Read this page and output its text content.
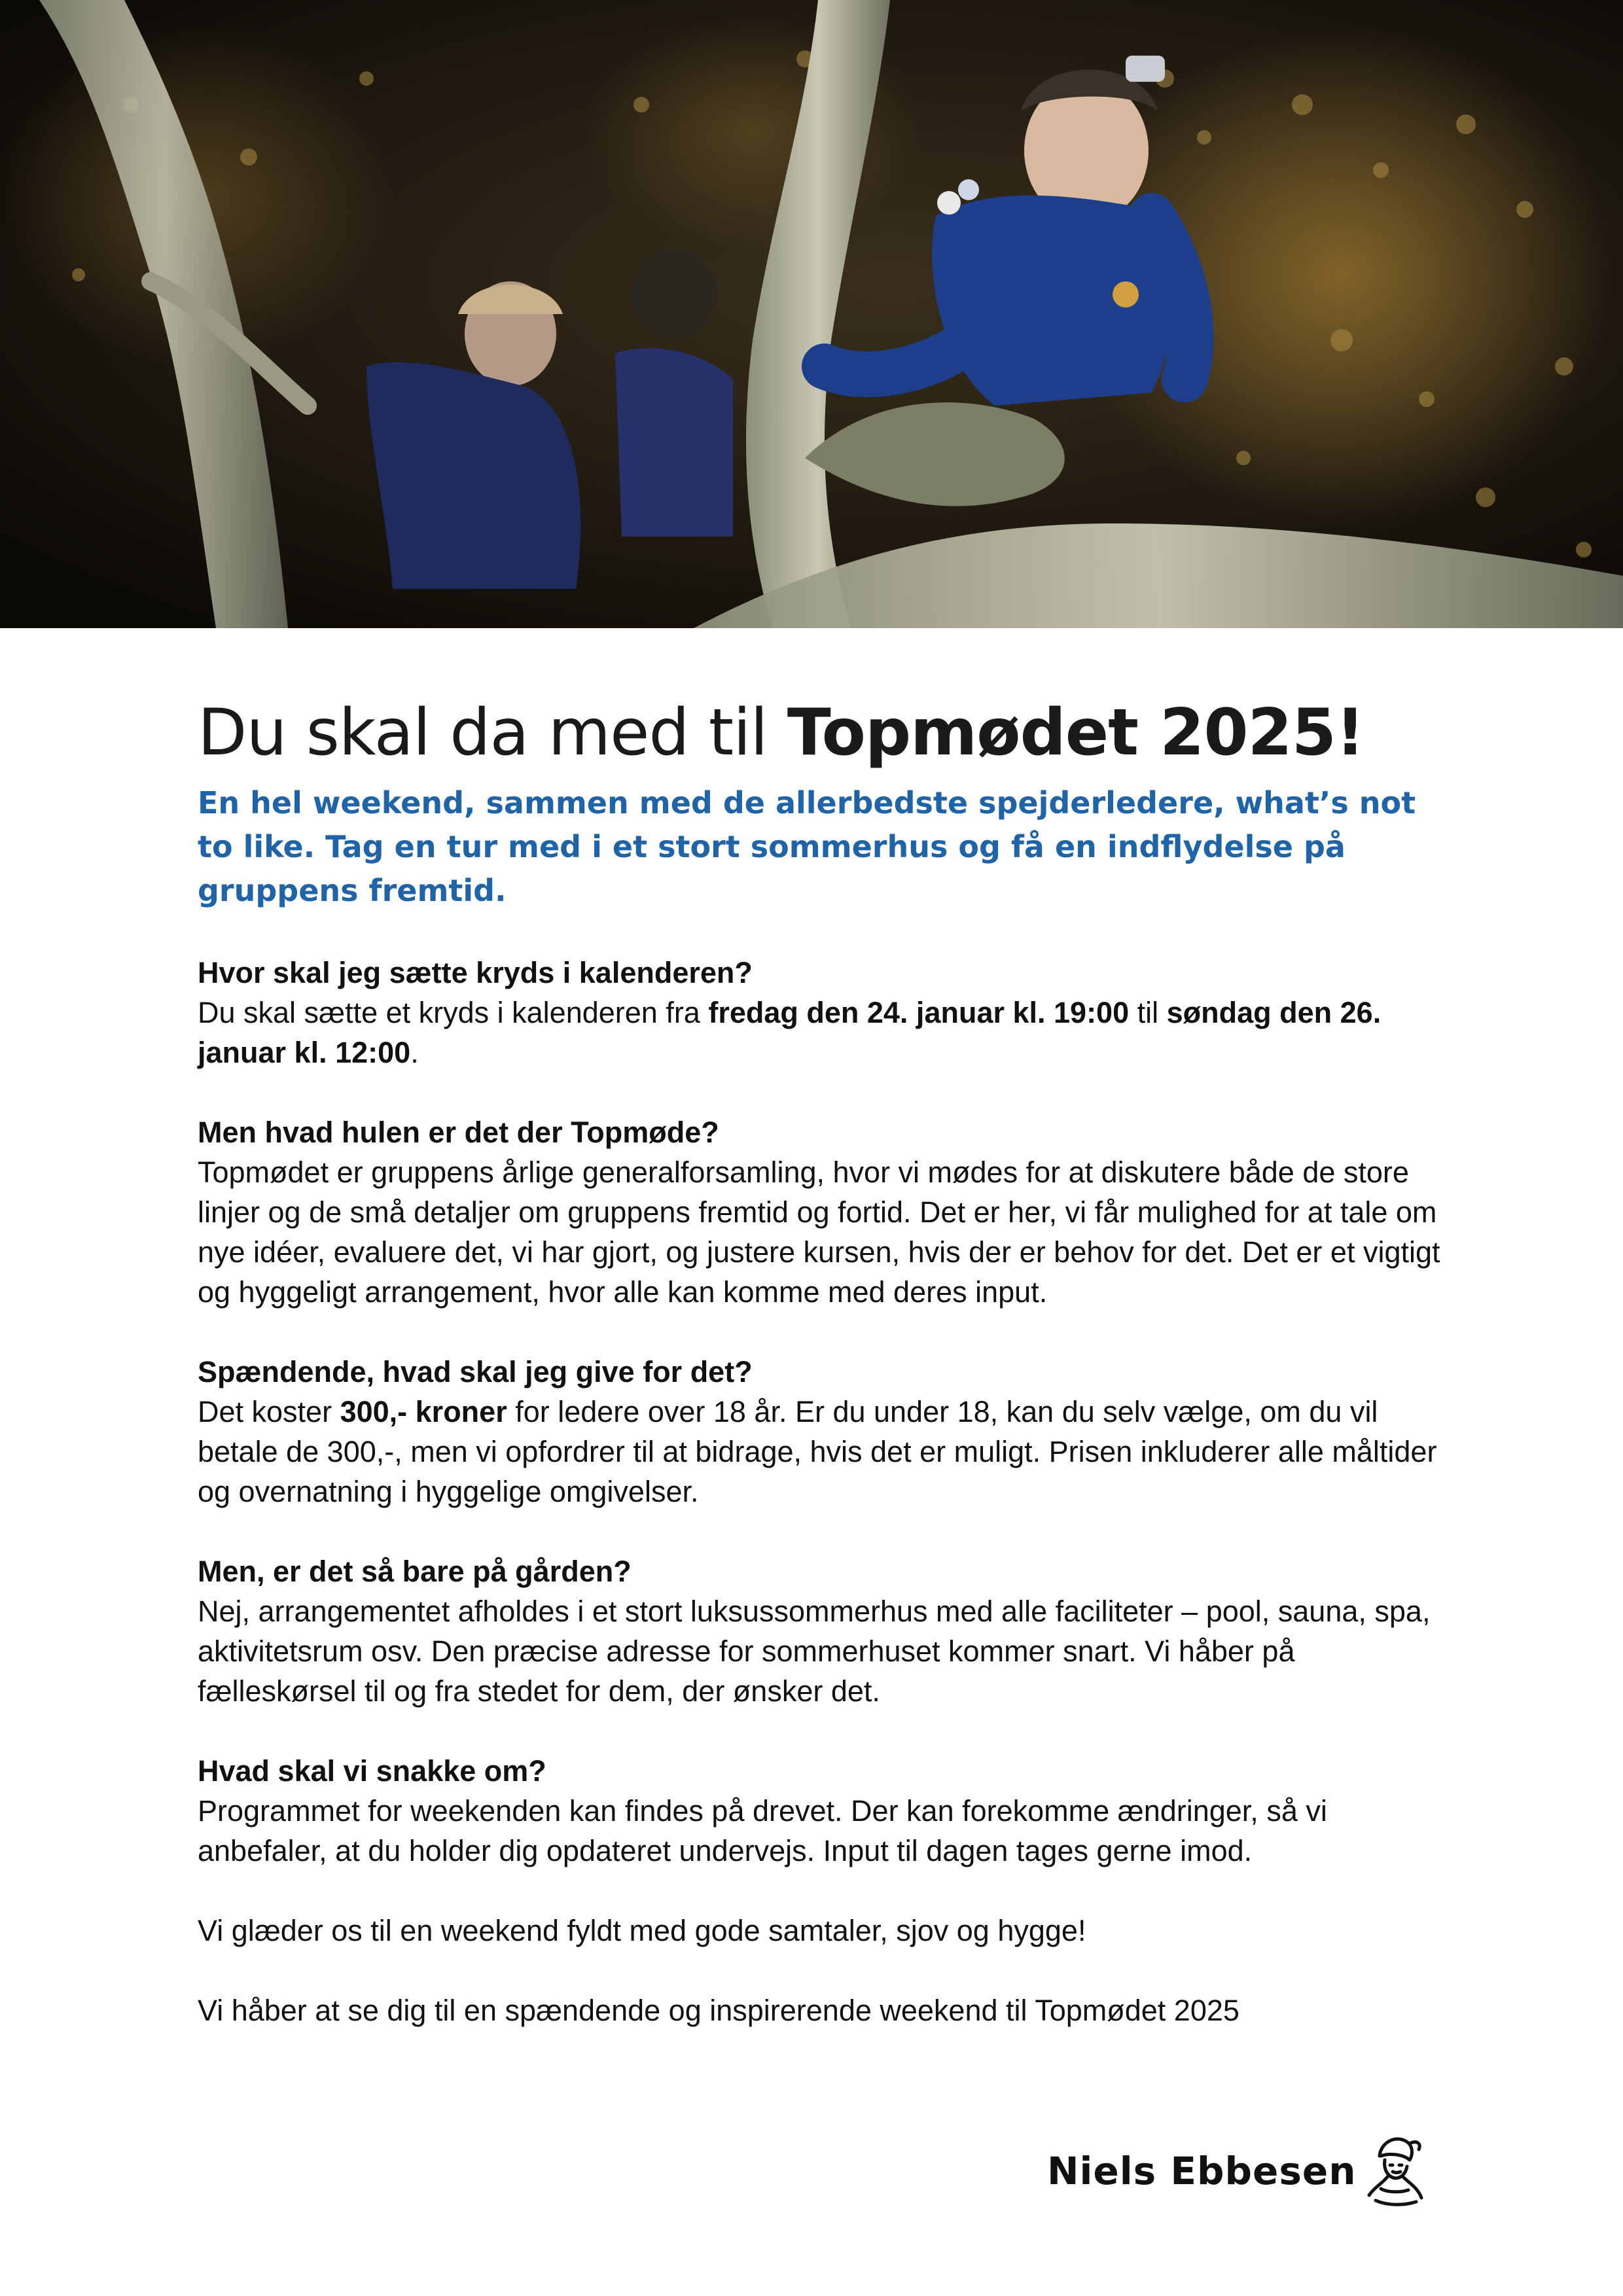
Du skal da med til Topmødet 2025!

En hel weekend, sammen med de allerbedste spejderledere, what’s not to like. Tag en tur med i et stort sommerhus og få en indflydelse på gruppens fremtid.

Hvor skal jeg sætte kryds i kalenderen?

Du skal sætte et kryds i kalenderen fra fredag den 24. januar kl. 19:00 til søndag den 26. januar kl. 12:00.

Men hvad hulen er det der Topmøde?

Topmødet er gruppens årlige generalforsamling, hvor vi mødes for at diskutere både de store linjer og de små detaljer om gruppens fremtid og fortid. Det er her, vi får mulighed for at tale om nye idéer, evaluere det, vi har gjort, og justere kursen, hvis der er behov for det. Det er et vigtigt og hyggeligt arrangement, hvor alle kan komme med deres input.

Spændende, hvad skal jeg give for det?

Det koster 300,- kroner for ledere over 18 år. Er du under 18, kan du selv vælge, om du vil betale de 300,-, men vi opfordrer til at bidrage, hvis det er muligt. Prisen inkluderer alle måltider og overnatning i hyggelige omgivelser.

Men, er det så bare på gården?

Nej, arrangementet afholdes i et stort luksussommerhus med alle faciliteter – pool, sauna, spa, aktivitetsrum osv. Den præcise adresse for sommerhuset kommer snart. Vi håber på fælleskørsel til og fra stedet for dem, der ønsker det.

Hvad skal vi snakke om?

Programmet for weekenden kan findes på drevet. Der kan forekomme ændringer, så vi anbefaler, at du holder dig opdateret undervejs. Input til dagen tages gerne imod.

Vi glæder os til en weekend fyldt med gode samtaler, sjov og hygge!

Vi håber at se dig til en spændende og inspirerende weekend til Topmødet 2025

Niels Ebbesen
